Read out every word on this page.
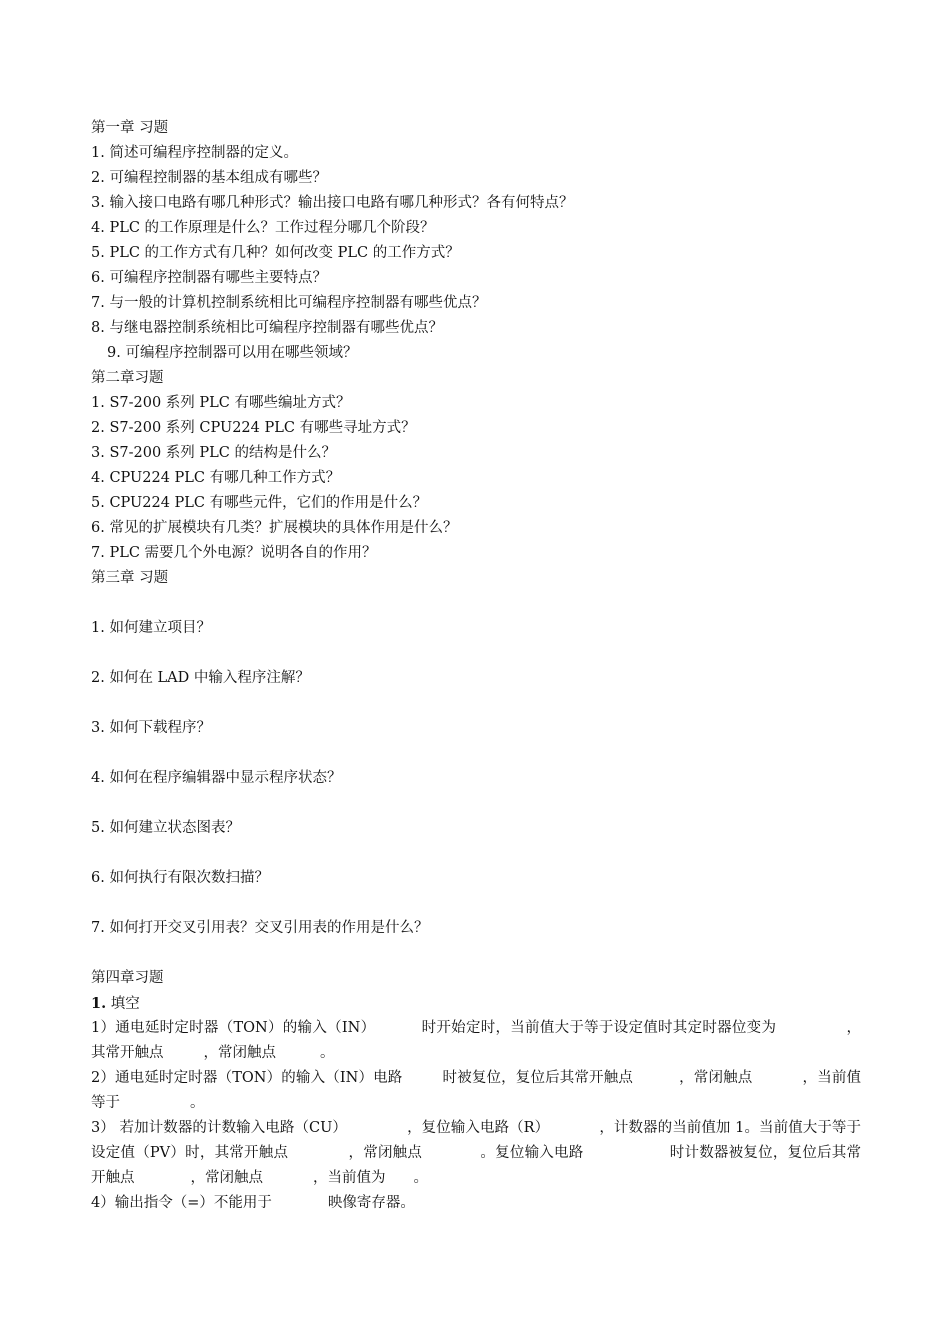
第一章 习题
1. 简述可编程序控制器的定义。
2. 可编程控制器的基本组成有哪些？
3. 输入接口电路有哪几种形式？输出接口电路有哪几种形式？各有何特点？
4. PLC 的工作原理是什么？工作过程分哪几个阶段？
5. PLC 的工作方式有几种？如何改变 PLC 的工作方式？
6. 可编程序控制器有哪些主要特点？
7. 与一般的计算机控制系统相比可编程序控制器有哪些优点？
8. 与继电器控制系统相比可编程序控制器有哪些优点？
9. 可编程序控制器可以用在哪些领域？
第二章习题
1. S7-200 系列 PLC 有哪些编址方式？
2. S7-200 系列 CPU224 PLC 有哪些寻址方式？
3. S7-200 系列 PLC 的结构是什么？
4. CPU224 PLC 有哪几种工作方式？
5. CPU224 PLC 有哪些元件，它们的作用是什么？
6. 常见的扩展模块有几类？扩展模块的具体作用是什么？
7. PLC 需要几个外电源？说明各自的作用？
第三章 习题
1. 如何建立项目？
2. 如何在 LAD 中输入程序注解？
3. 如何下载程序？
4. 如何在程序编辑器中显示程序状态？
5. 如何建立状态图表？
6. 如何执行有限次数扫描？
7. 如何打开交叉引用表？交叉引用表的作用是什么？
第四章习题
1. 填空
1）通电延时定时器（TON）的输入（IN）	时开始定时，当前值大于等于设定值时其定时器位变为	，其常开触点	，常闭触点	。
2）通电延时定时器（TON）的输入（IN）电路	时被复位，复位后其常开触点	，常闭触点	，当前值等于	。
3） 若加计数器的计数输入电路（CU）	，复位输入电路（R）	，计数器的当前值加 1。当前值大于等于设定值（PV）时，其常开触点	，常闭触点	。复位输入电路	时计数器被复位，复位后其常开触点	，常闭触点	，当前值为 。
4）输出指令（=）不能用于	映像寄存器。
